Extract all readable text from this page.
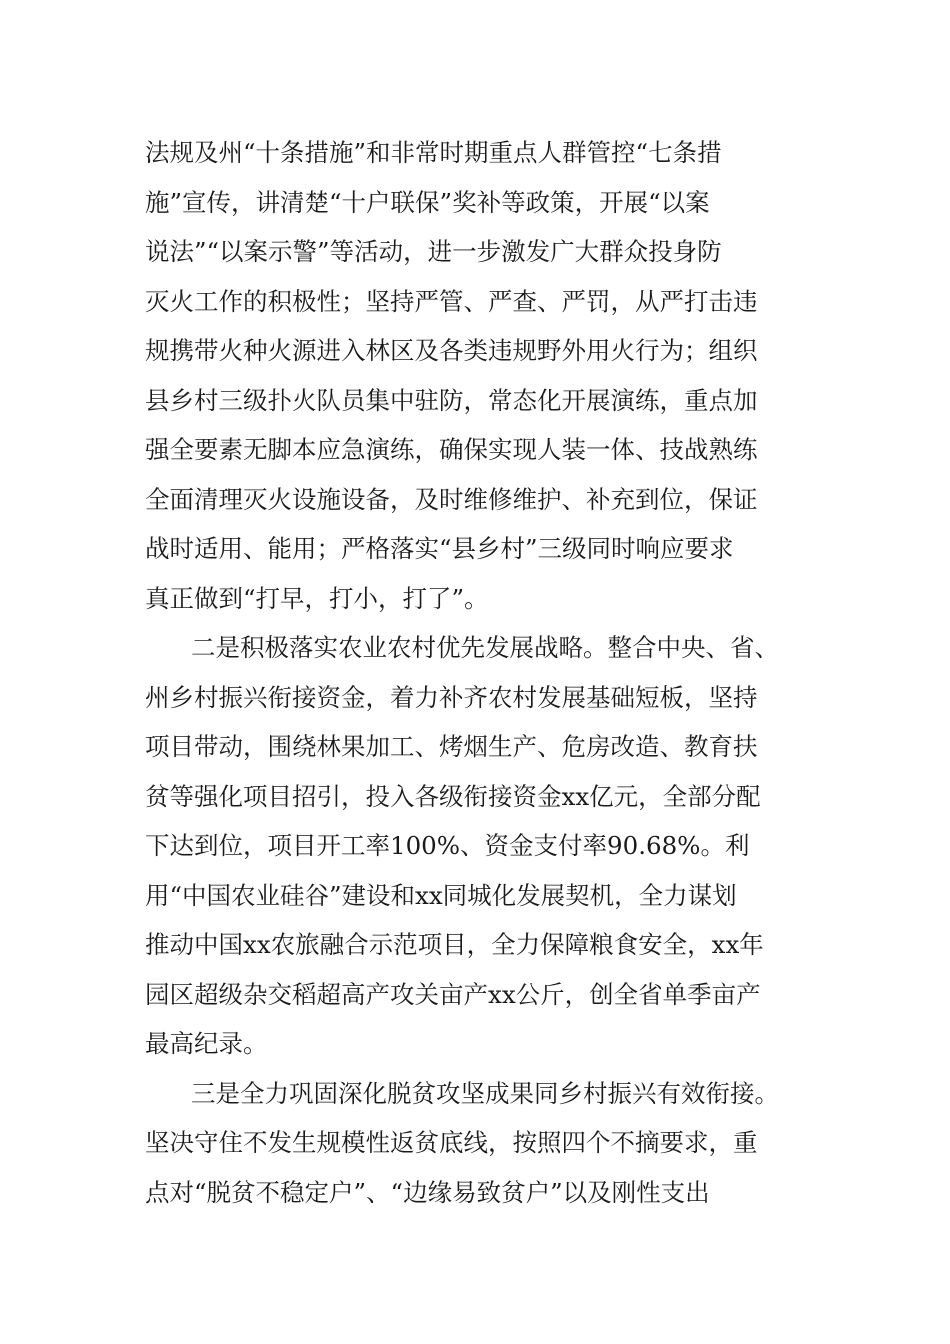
法规及州“十条措施”和非常时期重点人群管控“七条措
施”宣传，讲清楚“十户联保”奖补等政策，开展“以案
说法”“以案示警”等活动，进一步激发广大群众投身防
灭火工作的积极性；坚持严管、严查、严罚，从严打击违
规携带火种火源进入林区及各类违规野外用火行为；组织
县乡村三级扑火队员集中驻防，常态化开展演练，重点加
强全要素无脚本应急演练，确保实现人装一体、技战熟练
全面清理灭火设施设备，及时维修维护、补充到位，保证
战时适用、能用；严格落实“县乡村”三级同时响应要求
真正做到“打早，打小，打了”。
二是积极落实农业农村优先发展战略。整合中央、省、
州乡村振兴衔接资金，着力补齐农村发展基础短板，坚持
项目带动，围绕林果加工、烤烟生产、危房改造、教育扶
贫等强化项目招引，投入各级衔接资金xx亿元，全部分配
下达到位，项目开工率100%、资金支付率90.68%。利
用“中国农业硅谷”建设和xx同城化发展契机，全力谋划
推动中国xx农旅融合示范项目，全力保障粮食安全，xx年
园区超级杂交稻超高产攻关亩产xx公斤，创全省单季亩产
最高纪录。
三是全力巩固深化脱贫攻坚成果同乡村振兴有效衔接。
坚决守住不发生规模性返贫底线，按照四个不摘要求，重
点对“脱贫不稳定户”、“边缘易致贫户”以及刚性支出
